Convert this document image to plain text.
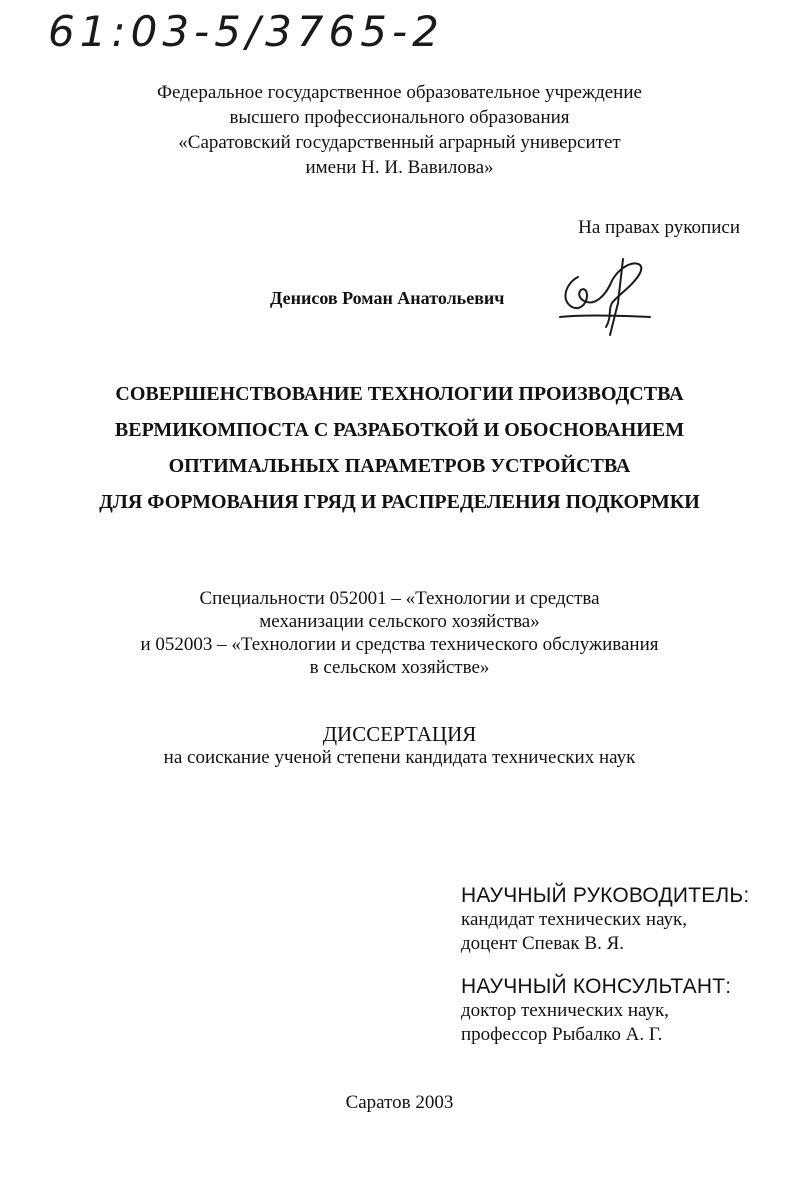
61:03-5/3765-2
Федеральное государственное образовательное учреждение
высшего профессионального образования
«Саратовский государственный аграрный университет
имени Н. И. Вавилова»
На правах рукописи
Денисов Роман Анатольевич
СОВЕРШЕНСТВОВАНИЕ ТЕХНОЛОГИИ ПРОИЗВОДСТВА
ВЕРМИКОМПОСТА С РАЗРАБОТКОЙ И ОБОСНОВАНИЕМ
ОПТИМАЛЬНЫХ ПАРАМЕТРОВ УСТРОЙСТВА
ДЛЯ ФОРМОВАНИЯ ГРЯД И РАСПРЕДЕЛЕНИЯ ПОДКОРМКИ
Специальности 052001 – «Технологии и средства
механизации сельского хозяйства»
и 052003 – «Технологии и средства технического обслуживания
в сельском хозяйстве»
ДИССЕРТАЦИЯ
на соискание ученой степени кандидата технических наук
НАУЧНЫЙ РУКОВОДИТЕЛЬ:
кандидат технических наук,
доцент Спевак В. Я.
НАУЧНЫЙ КОНСУЛЬТАНТ:
доктор технических наук,
профессор Рыбалко А. Г.
Саратов 2003
